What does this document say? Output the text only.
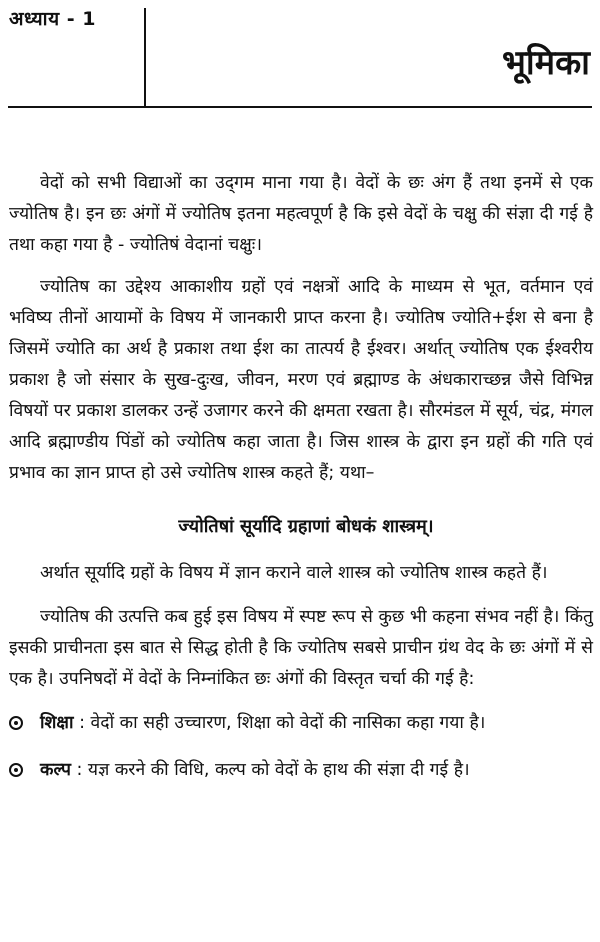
अध्याय - 1
भूमिका

वेदों को सभी विद्याओं का उद्‌गम माना गया है। वेदों के छः अंग हैं तथा इनमें से एक ज्योतिष है। इन छः अंगों में ज्योतिष इतना महत्वपूर्ण है कि इसे वेदों के चक्षु की संज्ञा दी गई है तथा कहा गया है - ज्योतिषं वेदानां चक्षुः।

ज्योतिष का उद्देश्य आकाशीय ग्रहों एवं नक्षत्रों आदि के माध्यम से भूत, वर्तमान एवं भविष्य तीनों आयामों के विषय में जानकारी प्राप्त करना है। ज्योतिष ज्योति+ईश से बना है जिसमें ज्योति का अर्थ है प्रकाश तथा ईश का तात्पर्य है ईश्वर। अर्थात् ज्योतिष एक ईश्वरीय प्रकाश है जो संसार के सुख-दुःख, जीवन, मरण एवं ब्रह्माण्ड के अंधकाराच्छन्न जैसे विभिन्न विषयों पर प्रकाश डालकर उन्हें उजागर करने की क्षमता रखता है। सौरमंडल में सूर्य, चंद्र, मंगल आदि ब्रह्माण्डीय पिंडों को ज्योतिष कहा जाता है। जिस शास्त्र के द्वारा इन ग्रहों की गति एवं प्रभाव का ज्ञान प्राप्त हो उसे ज्योतिष शास्त्र कहते हैं; यथा–

ज्योतिषां सूर्यादि ग्रहाणां बोधकं शास्त्रम्।

अर्थात सूर्यादि ग्रहों के विषय में ज्ञान कराने वाले शास्त्र को ज्योतिष शास्त्र कहते हैं।

ज्योतिष की उत्पत्ति कब हुई इस विषय में स्पष्ट रूप से कुछ भी कहना संभव नहीं है। किंतु इसकी प्राचीनता इस बात से सिद्ध होती है कि ज्योतिष सबसे प्राचीन ग्रंथ वेद के छः अंगों में से एक है। उपनिषदों में वेदों के निम्नांकित छः अंगों की विस्तृत चर्चा की गई है:

शिक्षा : वेदों का सही उच्चारण, शिक्षा को वेदों की नासिका कहा गया है।
कल्प : यज्ञ करने की विधि, कल्प को वेदों के हाथ की संज्ञा दी गई है।
